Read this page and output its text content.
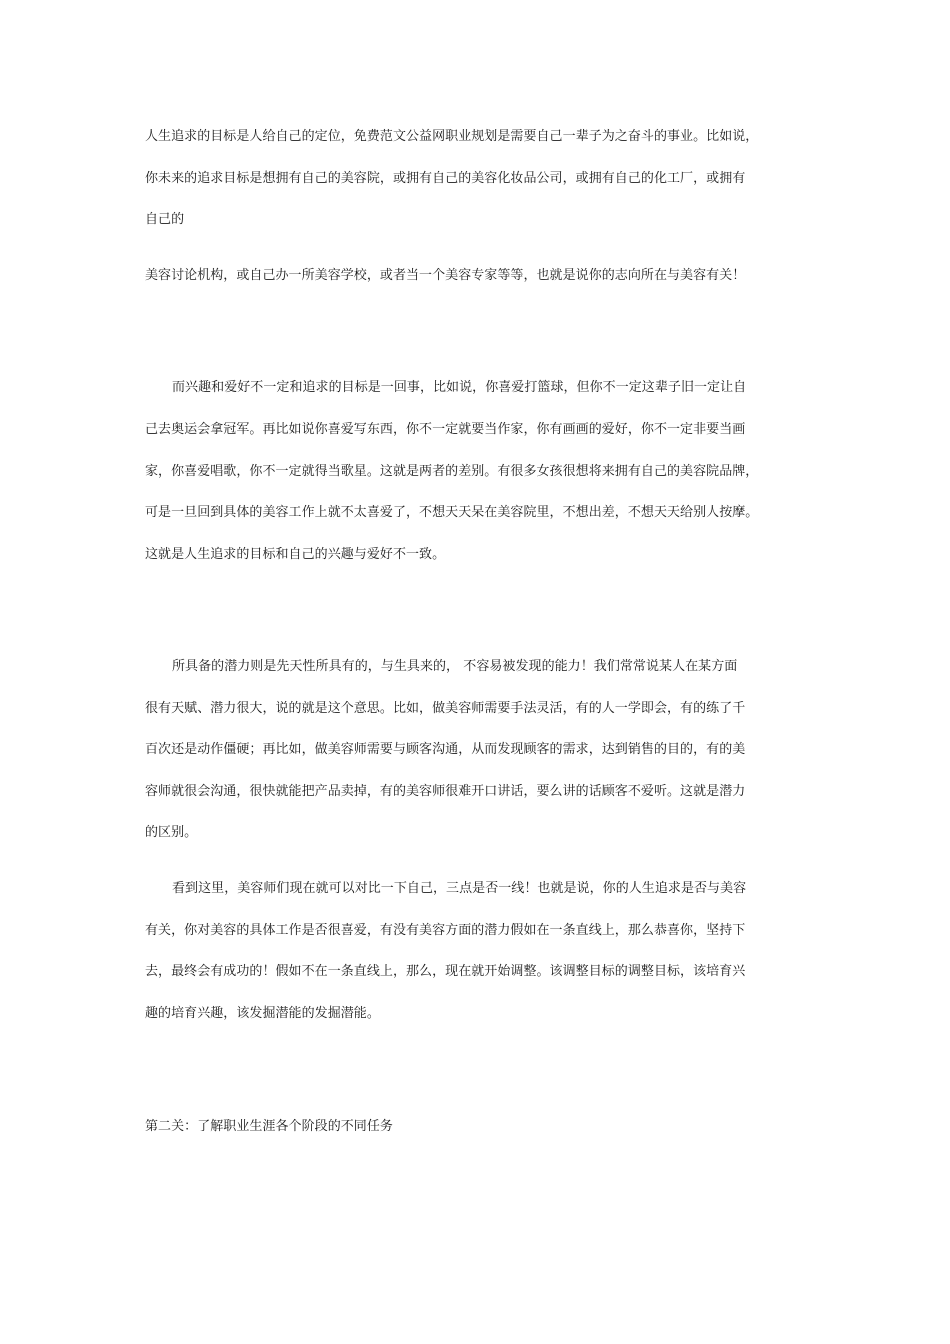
人生追求的目标是人给自己的定位，免费范文公益网职业规划是需要自己一辈子为之奋斗的事业。比如说，

你未来的追求目标是想拥有自己的美容院，或拥有自己的美容化妆品公司，或拥有自己的化工厂，或拥有

自己的

美容讨论机构，或自己办一所美容学校，或者当一个美容专家等等，也就是说你的志向所在与美容有关！

而兴趣和爱好不一定和追求的目标是一回事，比如说，你喜爱打篮球，但你不一定这辈子旧一定让自

己去奥运会拿冠军。再比如说你喜爱写东西，你不一定就要当作家，你有画画的爱好，你不一定非要当画

家，你喜爱唱歌，你不一定就得当歌星。这就是两者的差别。有很多女孩很想将来拥有自己的美容院品牌，

可是一旦回到具体的美容工作上就不太喜爱了，不想天天呆在美容院里，不想出差，不想天天给别人按摩。

这就是人生追求的目标和自己的兴趣与爱好不一致。

所具备的潜力则是先天性所具有的，与生具来的， 不容易被发现的能力！我们常常说某人在某方面

很有天赋、潜力很大，说的就是这个意思。比如，做美容师需要手法灵活，有的人一学即会，有的练了千

百次还是动作僵硬；再比如，做美容师需要与顾客沟通，从而发现顾客的需求，达到销售的目的，有的美

容师就很会沟通，很快就能把产品卖掉，有的美容师很难开口讲话，要么讲的话顾客不爱听。这就是潜力

的区别。

看到这里，美容师们现在就可以对比一下自己，三点是否一线！也就是说，你的人生追求是否与美容

有关，你对美容的具体工作是否很喜爱，有没有美容方面的潜力假如在一条直线上，那么恭喜你，坚持下

去，最终会有成功的！假如不在一条直线上，那么，现在就开始调整。该调整目标的调整目标，该培育兴

趣的培育兴趣，该发掘潜能的发掘潜能。

第二关：了解职业生涯各个阶段的不同任务
